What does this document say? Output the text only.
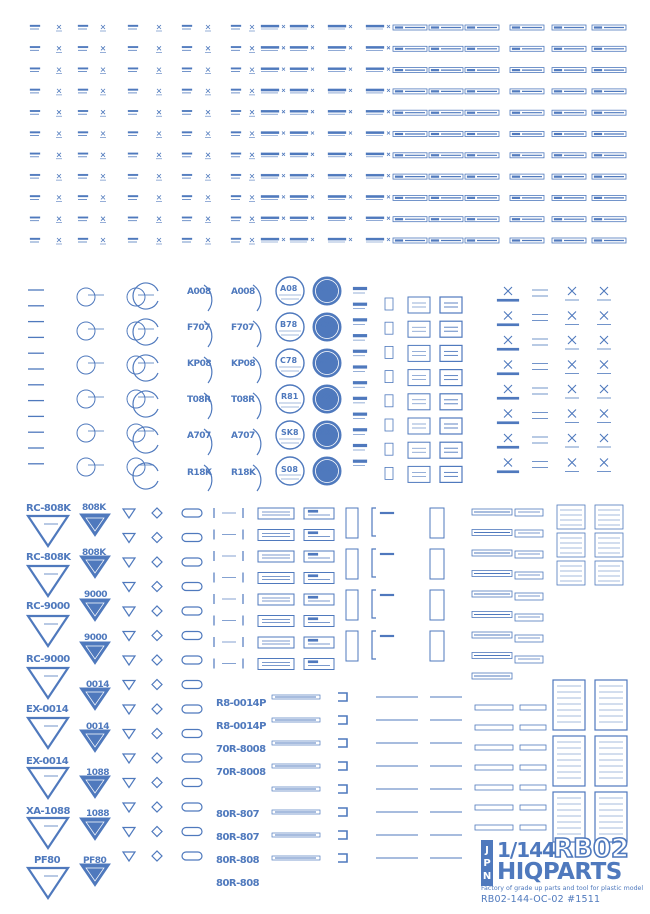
A008
F707
KP08
T08R
A707
R18K
A008
F707
KP08
T08R
A707
R18K
A08
B78
C78
R81
SK8
S08
A08
B78
C78
R81
SK8
S08
RC-808K
RC-808K
RC-9000
RC-9000
EX-0014
EX-0014
XA-1088
PF80
808K
808K
9000
9000
0014
0014
1088
1088
PF80
R8-0014P
R8-0014P
70R-8008
70R-8008
80R-807
80R-807
80R-808
80R-808
J
P
N
1/144
RB02
HIQPARTS
Factory of grade up parts and tool for plastic model
RB02-144-OC-02 #1511
